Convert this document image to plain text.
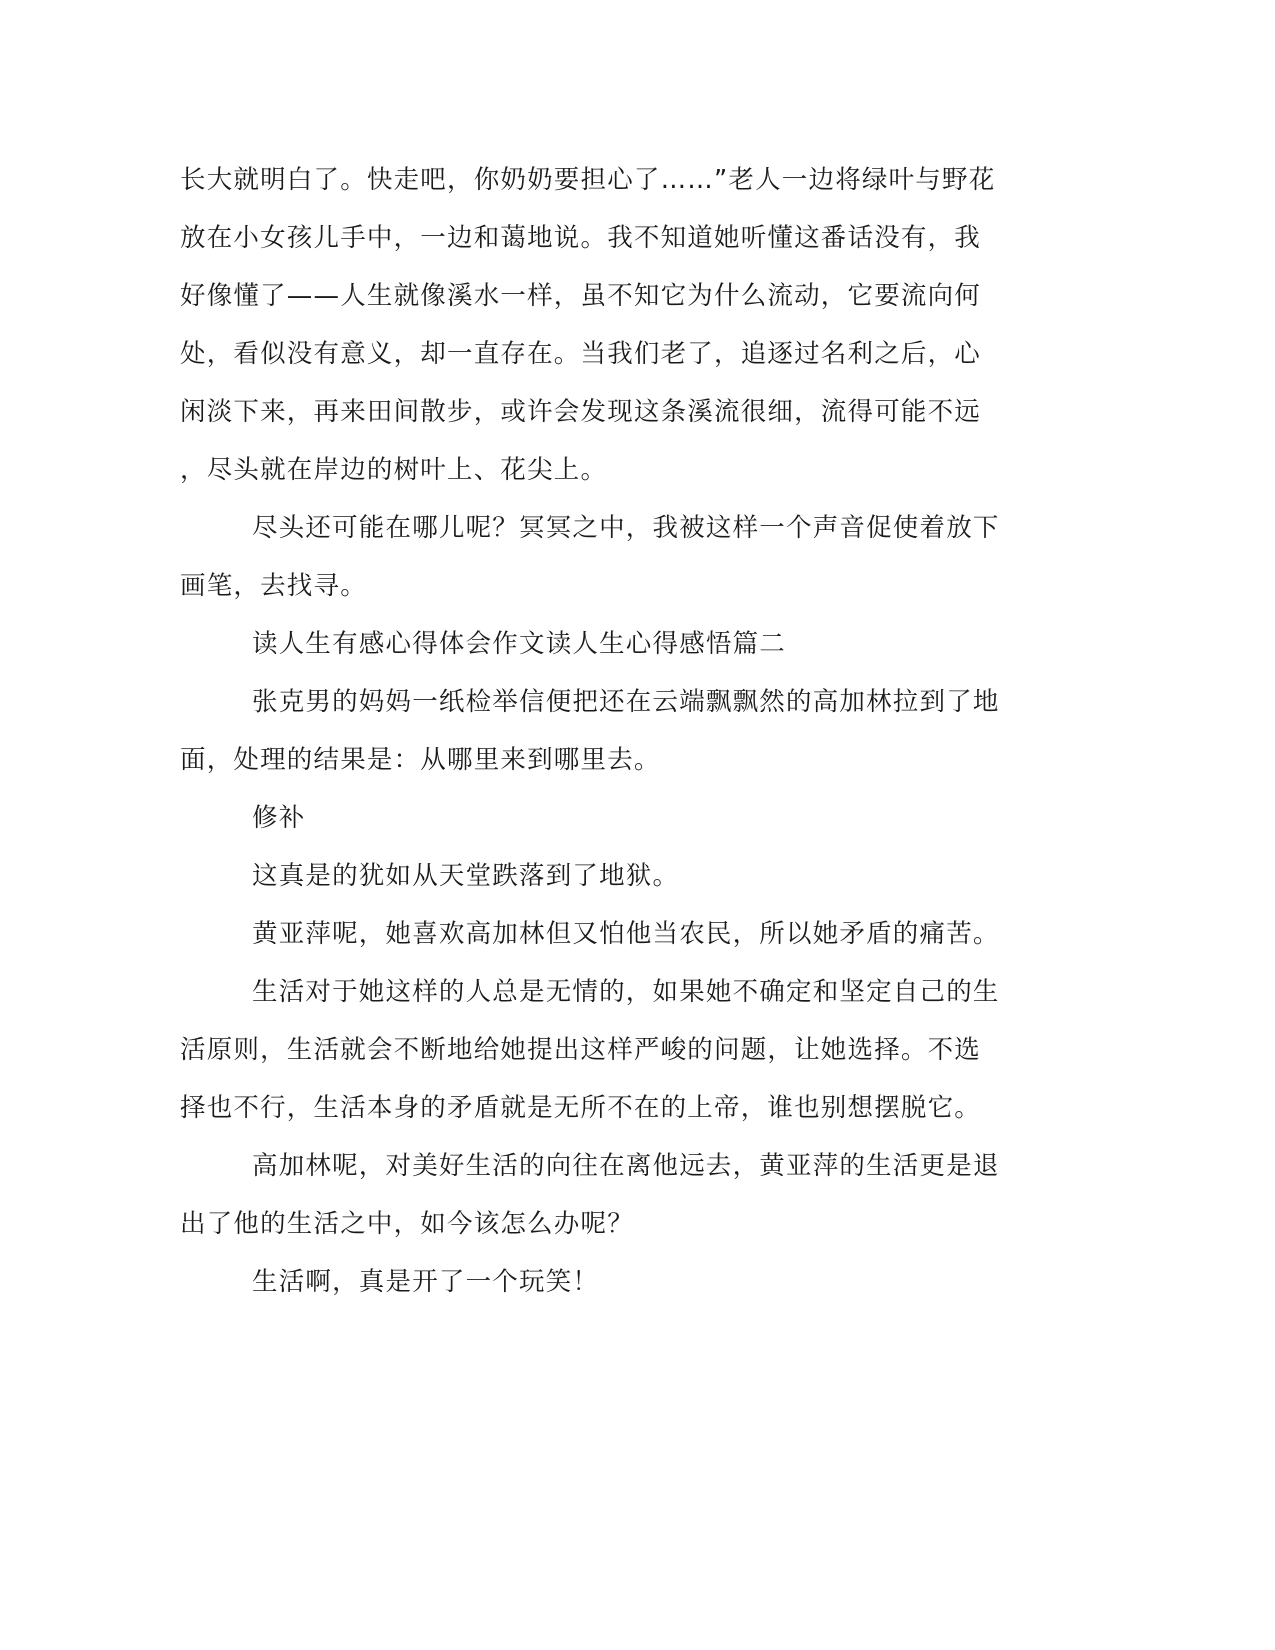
长大就明白了。快走吧，你奶奶要担心了……”老人一边将绿叶与野花
放在小女孩儿手中，一边和蔼地说。我不知道她听懂这番话没有，我
好像懂了——人生就像溪水一样，虽不知它为什么流动，它要流向何
处，看似没有意义，却一直存在。当我们老了，追逐过名利之后，心
闲淡下来，再来田间散步，或许会发现这条溪流很细，流得可能不远
，尽头就在岸边的树叶上、花尖上。
尽头还可能在哪儿呢？冥冥之中，我被这样一个声音促使着放下
画笔，去找寻。
读人生有感心得体会作文读人生心得感悟篇二
张克男的妈妈一纸检举信便把还在云端飘飘然的高加林拉到了地
面，处理的结果是：从哪里来到哪里去。
修补
这真是的犹如从天堂跌落到了地狱。
黄亚萍呢，她喜欢高加林但又怕他当农民，所以她矛盾的痛苦。
生活对于她这样的人总是无情的，如果她不确定和坚定自己的生
活原则，生活就会不断地给她提出这样严峻的问题，让她选择。不选
择也不行，生活本身的矛盾就是无所不在的上帝，谁也别想摆脱它。
高加林呢，对美好生活的向往在离他远去，黄亚萍的生活更是退
出了他的生活之中，如今该怎么办呢？
生活啊，真是开了一个玩笑！
